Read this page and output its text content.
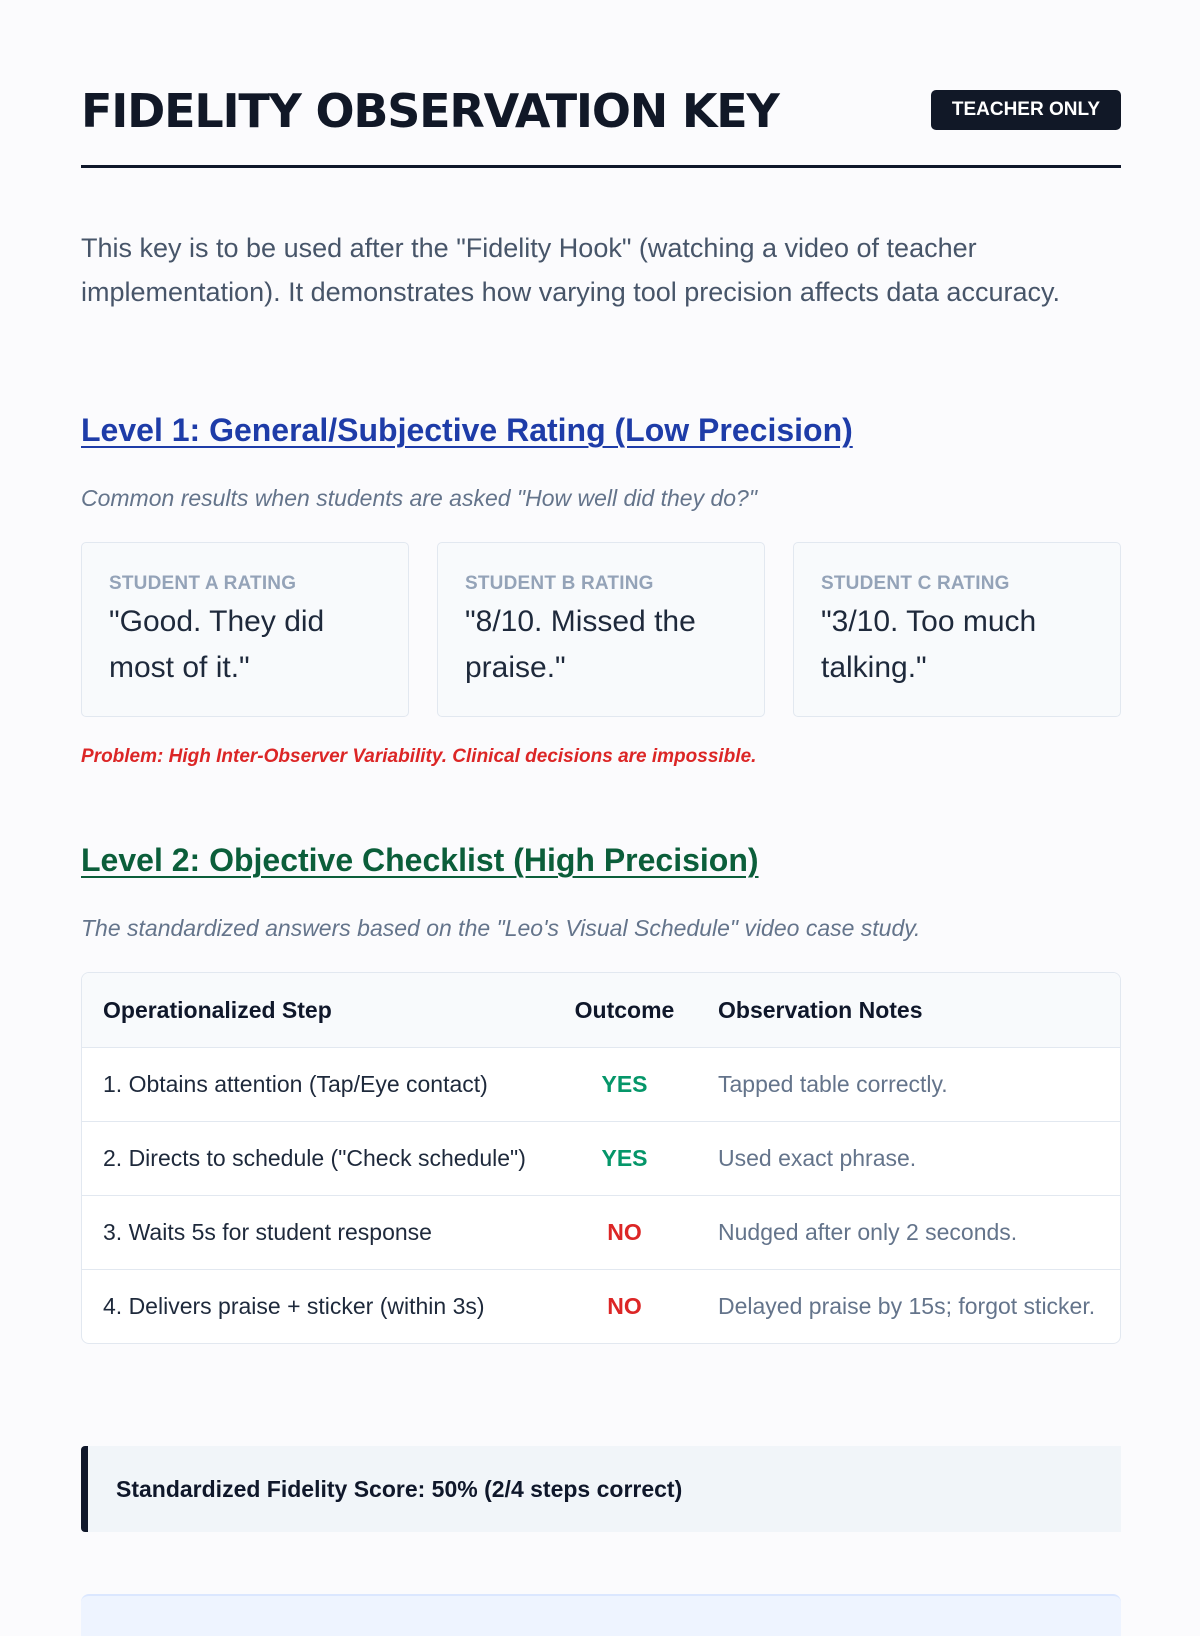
FIDELITY OBSERVATION KEY	TEACHER ONLY

This key is to be used after the "Fidelity Hook" (watching a video of teacher implementation). It demonstrates how varying tool precision affects data accuracy.

Level 1: General/Subjective Rating (Low Precision)

Common results when students are asked "How well did they do?"

STUDENT A RATING
"Good. They did most of it."
STUDENT B RATING
"8/10. Missed the praise."
STUDENT C RATING
"3/10. Too much talking."

Problem: High Inter-Observer Variability. Clinical decisions are impossible.

Level 2: Objective Checklist (High Precision)

The standardized answers based on the "Leo's Visual Schedule" video case study.

Operationalized Step	Outcome	Observation Notes
1. Obtains attention (Tap/Eye contact)	YES	Tapped table correctly.
2. Directs to schedule ("Check schedule")	YES	Used exact phrase.
3. Waits 5s for student response	NO	Nudged after only 2 seconds.
4. Delivers praise + sticker (within 3s)	NO	Delayed praise by 15s; forgot sticker.
Standardized Fidelity Score: 50% (2/4 steps correct)
